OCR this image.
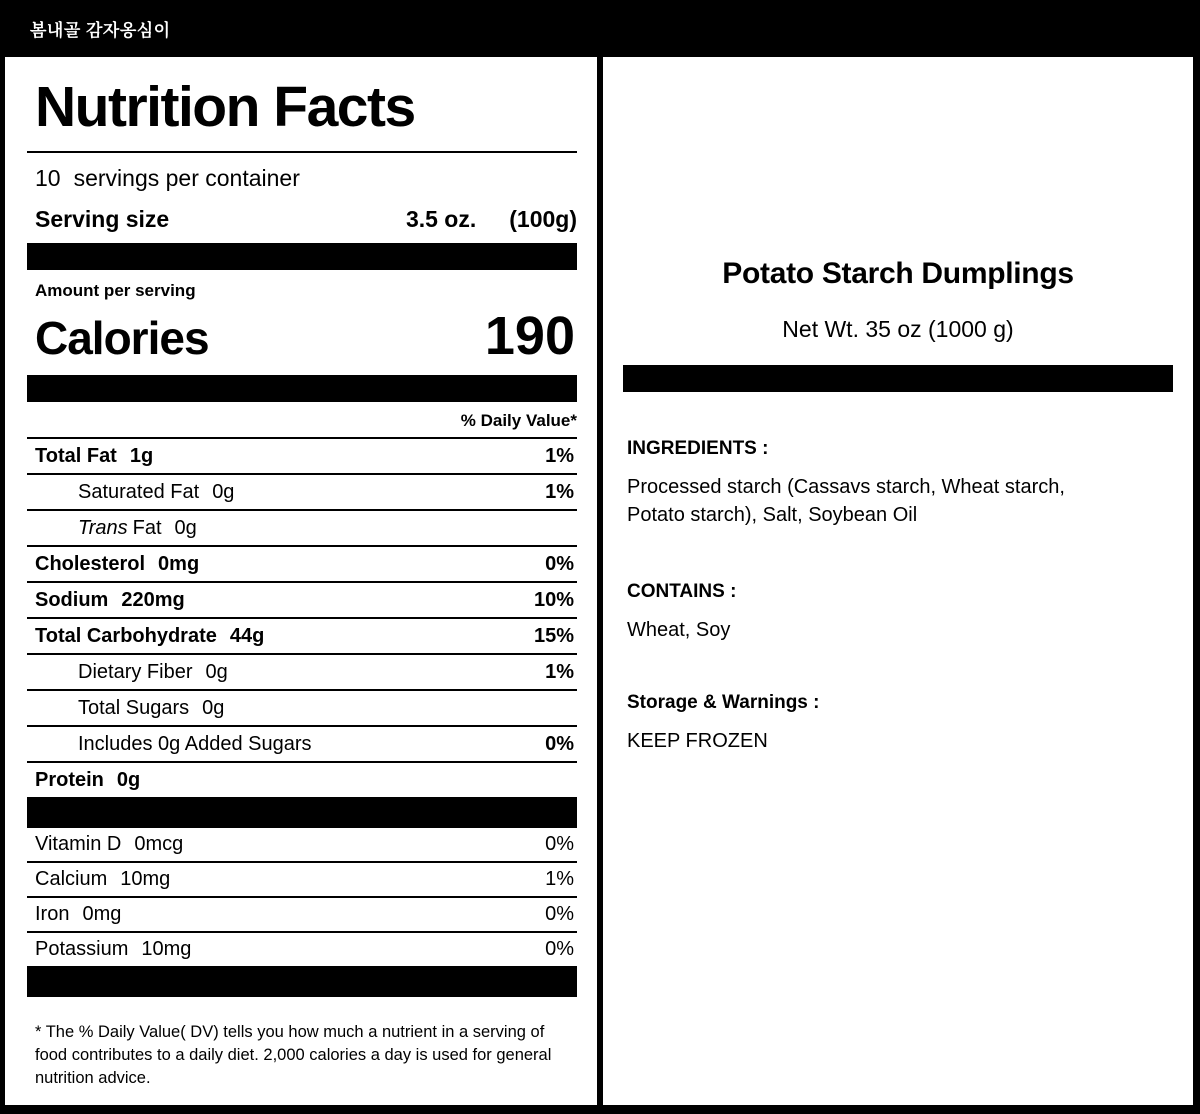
봄내골 감자옹심이
Nutrition Facts
10 servings per container
Serving size	3.5 oz. (100g)
Amount per serving
Calories	190
% Daily Value*
Total Fat 1g	1%
Saturated Fat 0g	1%
Trans Fat 0g
Cholesterol 0mg	0%
Sodium 220mg	10%
Total Carbohydrate 44g	15%
Dietary Fiber 0g	1%
Total Sugars 0g
Includes 0g Added Sugars	0%
Protein 0g
Vitamin D 0mcg	0%
Calcium 10mg	1%
Iron 0mg	0%
Potassium 10mg	0%

* The % Daily Value( DV) tells you how much a nutrient in a serving of food contributes to a daily diet. 2,000 calories a day is used for general nutrition advice.

Potato Starch Dumplings
Net Wt. 35 oz (1000 g)
INGREDIENTS :
Processed starch (Cassavs starch, Wheat starch, Potato starch), Salt, Soybean Oil
CONTAINS :
Wheat, Soy
Storage & Warnings :
KEEP FROZEN
